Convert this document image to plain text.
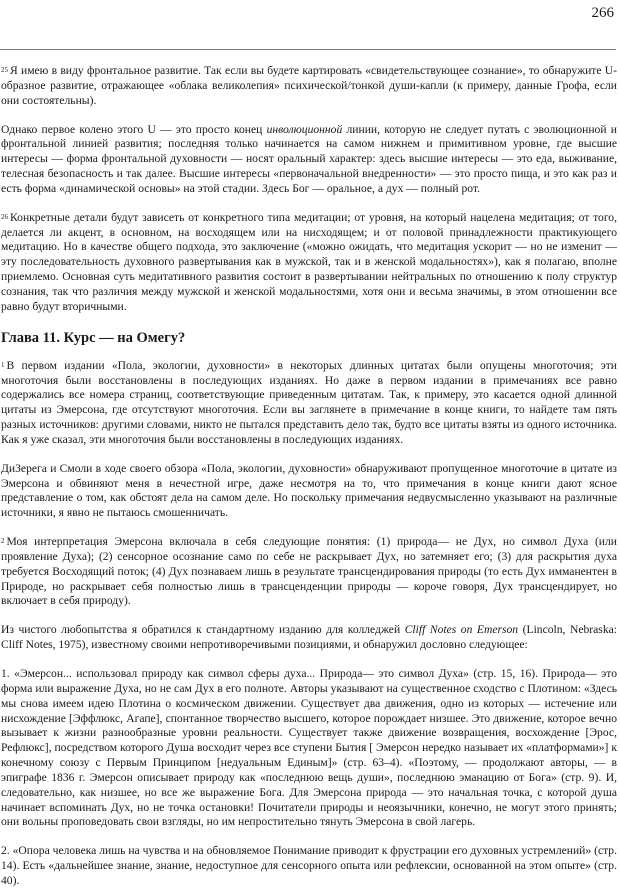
266

$^{25}$ Я имею в виду фронтальное развитие. Так если вы будете картировать «свидетельствующее сознание», то обнаружите U-образное развитие, отражающее «облака великолепия» психической/тонкой души-капли (к примеру, данные Грофа, если они состоятельны).

Однако первое колено этого U — это просто конец инволюционной линии, которую не следует путать с эволюционной и фронтальной линией развития; последняя только начинается на самом нижнем и примитивном уровне, где высшие интересы — форма фронтальной духовности — носят оральный характер: здесь высшие интересы — это еда, выживание, телесная безопасность и так далее. Высшие интересы «первоначальной внедренности» — это просто пища, и это как раз и есть форма «динамической основы» на этой стадии. Здесь Бог — оральное, а дух — полный рот.

$^{26}$ Конкретные детали будут зависеть от конкретного типа медитации; от уровня, на который нацелена медитация; от того, делается ли акцент, в основном, на восходящем или на нисходящем; и от половой принадлежности практикующего медитацию. Но в качестве общего подхода, это заключение («можно ожидать, что медитация ускорит — но не изменит — эту последовательность духовного развертывания как в мужской, так и в женской модальностях»), как я полагаю, вполне приемлемо. Основная суть медитативного развития состоит в развертывании нейтральных по отношению к полу структур сознания, так что различия между мужской и женской модальностями, хотя они и весьма значимы, в этом отношении все равно будут вторичными.

Глава 11. Курс — на Омегу?

$^1$ В первом издании «Пола, экологии, духовности» в некоторых длинных цитатах были опущены многоточия; эти многоточия были восстановлены в последующих изданиях. Но даже в первом издании в примечаниях все равно содержались все номера страниц, соответствующие приведенным цитатам. Так, к примеру, это касается одной длинной цитаты из Эмерсона, где отсутствуют многоточия. Если вы заглянете в примечание в конце книги, то найдете там пять разных источников: другими словами, никто не пытался представить дело так, будто все цитаты взяты из одного источника. Как я уже сказал, эти многоточия были восстановлены в последующих изданиях.

ДиЗерега и Смоли в ходе своего обзора «Пола, экологии, духовности» обнаруживают пропущенное многоточие в цитате из Эмерсона и обвиняют меня в нечестной игре, даже несмотря на то, что примечания в конце книги дают ясное представление о том, как обстоят дела на самом деле. Но поскольку примечания недвусмысленно указывают на различные источники, я явно не пытаюсь смошенничать.

$^2$ Моя интерпретация Эмерсона включала в себя следующие понятия: (1) природа— не Дух, но символ Духа (или проявление Духа); (2) сенсорное осознание само по себе не раскрывает Дух, но затемняет его; (3) для раскрытия духа требуется Восходящий поток; (4) Дух познаваем лишь в результате трансцендирования природы (то есть Дух имманентен в Природе, но раскрывает себя полностью лишь в трансценденции природы — короче говоря, Дух трансцендирует, но включает в себя природу).

Из чистого любопытства я обратился к стандартному изданию для колледжей Cliff Notes on Emerson (Lincoln, Nebraska: Cliff Notes, 1975), известному своими непротиворечивыми позициями, и обнаружил дословно следующее:

1. «Эмерсон... использовал природу как символ сферы духа... Природа— это символ Духа» (стр. 15, 16). Природа— это форма или выражение Духа, но не сам Дух в его полноте. Авторы указывают на существенное сходство с Плотином: «Здесь мы снова имеем идею Плотина о космическом движении. Существует два движения, одно из которых — истечение или нисхождение [Эффлюкс, Агапе], спонтанное творчество высшего, которое порождает низшее. Это движение, которое вечно вызывает к жизни разнообразные уровни реальности. Существует также движение возвращения, восхождение [Эрос, Рефлюкс], посредством которого Душа восходит через все ступени Бытия [ Эмерсон нередко называет их «платформами»] к конечному союзу с Первым Принципом [недуальным Единым]» (стр. 63–4). «Поэтому, — продолжают авторы, — в эпиграфе 1836 г. Эмерсон описывает природу как «последнюю вещь души», последнюю эманацию от Бога» (стр. 9). И, следовательно, как низшее, но все же выражение Бога. Для Эмерсона природа — это начальная точка, с которой душа начинает вспоминать Дух, но не точка остановки! Почитатели природы и неоязычники, конечно, не могут этого принять; они вольны проповедовать свои взгляды, но им непростительно тянуть Эмерсона в свой лагерь.

2. «Опора человека лишь на чувства и на обновляемое Понимание приводит к фрустрации его духовных устремлений» (стр. 14). Есть «дальнейшее знание, знание, недоступное для сенсорного опыта или рефлексии, основанной на этом опыте» (стр. 40).
